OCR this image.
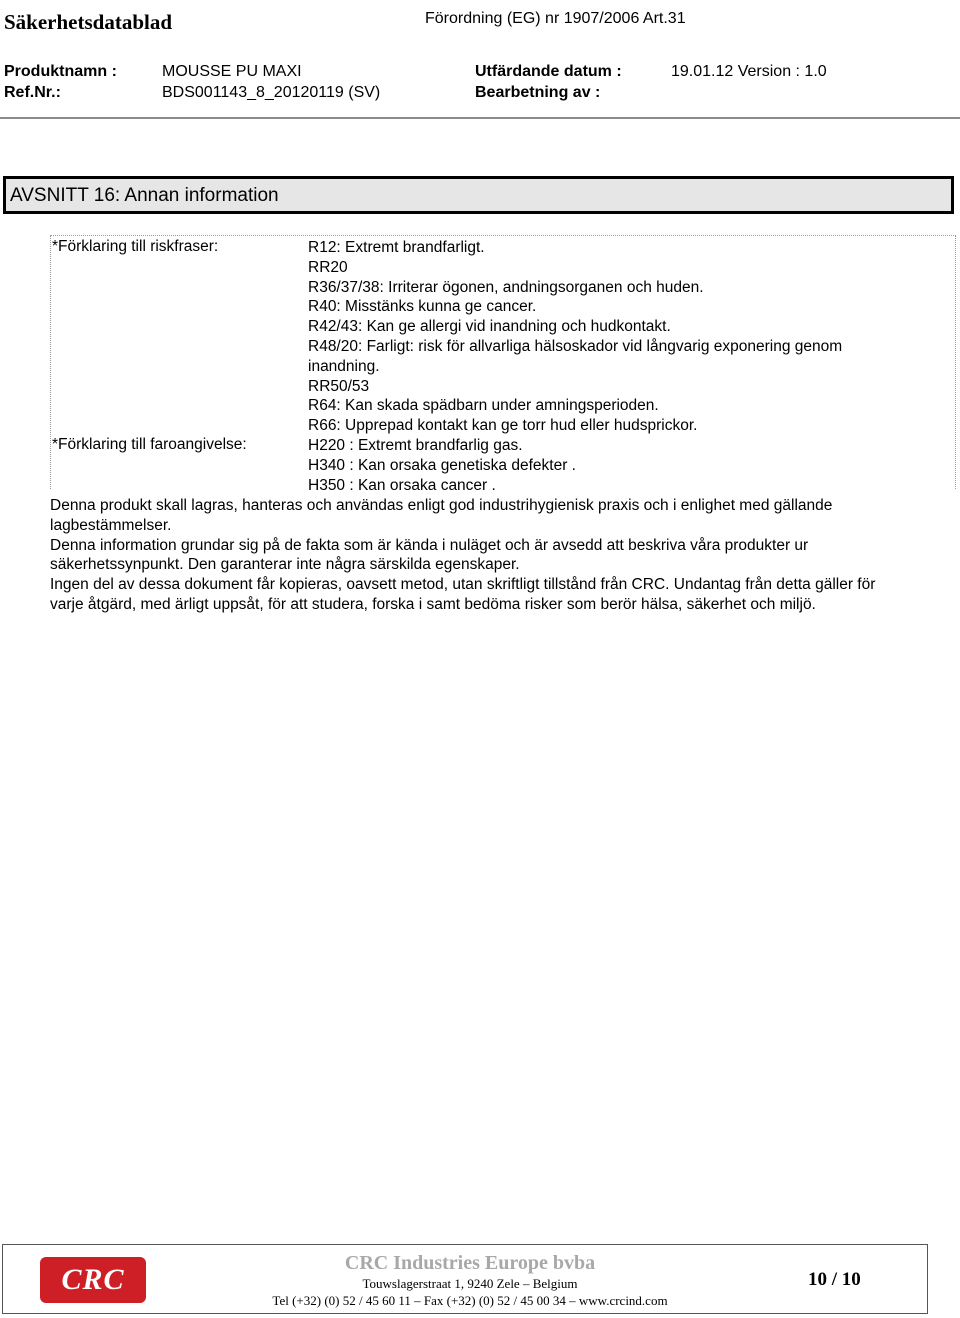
Säkerhetsdatablad	Förordning (EG) nr 1907/2006 Art.31
Produktnamn :	MOUSSE PU MAXI	Utfärdande datum :	19.01.12 Version : 1.0
Ref.Nr.:	BDS001143_8_20120119 (SV)	Bearbetning av :
AVSNITT 16: Annan information
*Förklaring till riskfraser:	R12: Extremt brandfarligt.
RR20
R36/37/38: Irriterar ögonen, andningsorganen och huden.
R40: Misstänks kunna ge cancer.
R42/43: Kan ge allergi vid inandning och hudkontakt.
R48/20: Farligt: risk för allvarliga hälsoskador vid långvarig exponering genom
inandning.
RR50/53
R64: Kan skada spädbarn under amningsperioden.
R66: Upprepad kontakt kan ge torr hud eller hudsprickor.
*Förklaring till faroangivelse:	H220 : Extremt brandfarlig gas.
H340 : Kan orsaka genetiska defekter .
H350 : Kan orsaka cancer .

Denna produkt skall lagras, hanteras och användas enligt god industrihygienisk praxis och i enlighet med gällande lagbestämmelser.

Denna information grundar sig på de fakta som är kända i nuläget och är avsedd att beskriva våra produkter ur säkerhetssynpunkt. Den garanterar inte några särskilda egenskaper.

Ingen del av dessa dokument får kopieras, oavsett metod, utan skriftligt tillstånd från CRC. Undantag från detta gäller för varje åtgärd, med ärligt uppsåt, för att studera, forska i samt bedöma risker som berör hälsa, säkerhet och miljö.

CRC	CRC Industries Europe bvba
Touwslagerstraat 1, 9240 Zele – Belgium
Tel (+32) (0) 52 / 45 60 11 – Fax (+32) (0) 52 / 45 00 34 – www.crcind.com
10 / 10
